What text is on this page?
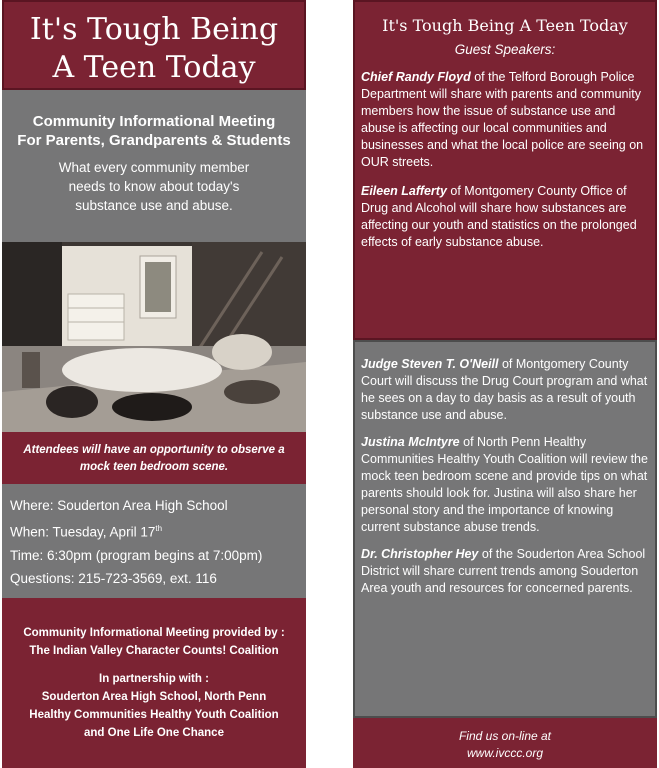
It's Tough Being
A Teen Today
Community Informational Meeting
For Parents, Grandparents & Students
What every community member needs to know about today's substance use and abuse.
Attendees will have an opportunity to observe a mock teen bedroom scene.
Where: Souderton Area High School
When: Tuesday, April 17th
Time: 6:30pm (program begins at 7:00pm)
Questions: 215-723-3569, ext. 116
Community Informational Meeting provided by :
The Indian Valley Character Counts! Coalition
In partnership with :
Souderton Area High School, North Penn
Healthy Communities Healthy Youth Coalition
and One Life One Chance
It's Tough Being A Teen Today
Guest Speakers:
Chief Randy Floyd of the Telford Borough Police Department will share with parents and community members how the issue of substance use and abuse is affecting our local communities and businesses and what the local police are seeing on OUR streets.
Eileen Lafferty of Montgomery County Office of Drug and Alcohol will share how substances are affecting our youth and statistics on the prolonged effects of early substance abuse.
Judge Steven T. O'Neill of Montgomery County Court will discuss the Drug Court program and what he sees on a day to day basis as a result of youth substance use and abuse.
Justina McIntyre of North Penn Healthy Communities Healthy Youth Coalition will review the mock teen bedroom scene and provide tips on what parents should look for. Justina will also share her personal story and the importance of knowing current substance abuse trends.
Dr. Christopher Hey of the Souderton Area School District will share current trends among Souderton Area youth and resources for concerned parents.
Find us on-line at
www.ivccc.org
